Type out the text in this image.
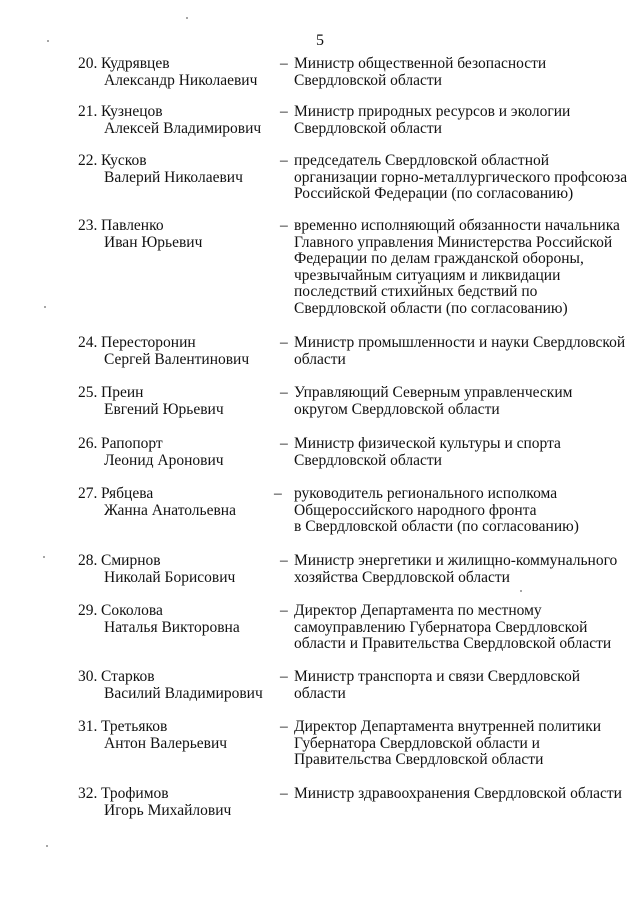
5
20. Кудрявцев
Александр Николаевич
– Министр общественной безопасности
Свердловской области
21. Кузнецов
Алексей Владимирович
– Министр природных ресурсов и экологии
Свердловской области
22. Кусков
Валерий Николаевич
– председатель Свердловской областной
организации горно-металлургического профсоюза
Российской Федерации (по согласованию)
23. Павленко
Иван Юрьевич
– временно исполняющий обязанности начальника
Главного управления Министерства Российской
Федерации по делам гражданской обороны,
чрезвычайным ситуациям и ликвидации
последствий стихийных бедствий по
Свердловской области (по согласованию)
24. Пересторонин
Сергей Валентинович
– Министр промышленности и науки Свердловской
области
25. Преин
Евгений Юрьевич
– Управляющий Северным управленческим
округом Свердловской области
26. Рапопорт
Леонид Аронович
– Министр физической культуры и спорта
Свердловской области
27. Рябцева
Жанна Анатольевна
– руководитель регионального исполкома
Общероссийского народного фронта
в Свердловской области (по согласованию)
28. Смирнов
Николай Борисович
– Министр энергетики и жилищно-коммунального
хозяйства Свердловской области
29. Соколова
Наталья Викторовна
– Директор Департамента по местному
самоуправлению Губернатора Свердловской
области и Правительства Свердловской области
30. Старков
Василий Владимирович
– Министр транспорта и связи Свердловской
области
31. Третьяков
Антон Валерьевич
– Директор Департамента внутренней политики
Губернатора Свердловской области и
Правительства Свердловской области
32. Трофимов
Игорь Михайлович
– Министр здравоохранения Свердловской области
